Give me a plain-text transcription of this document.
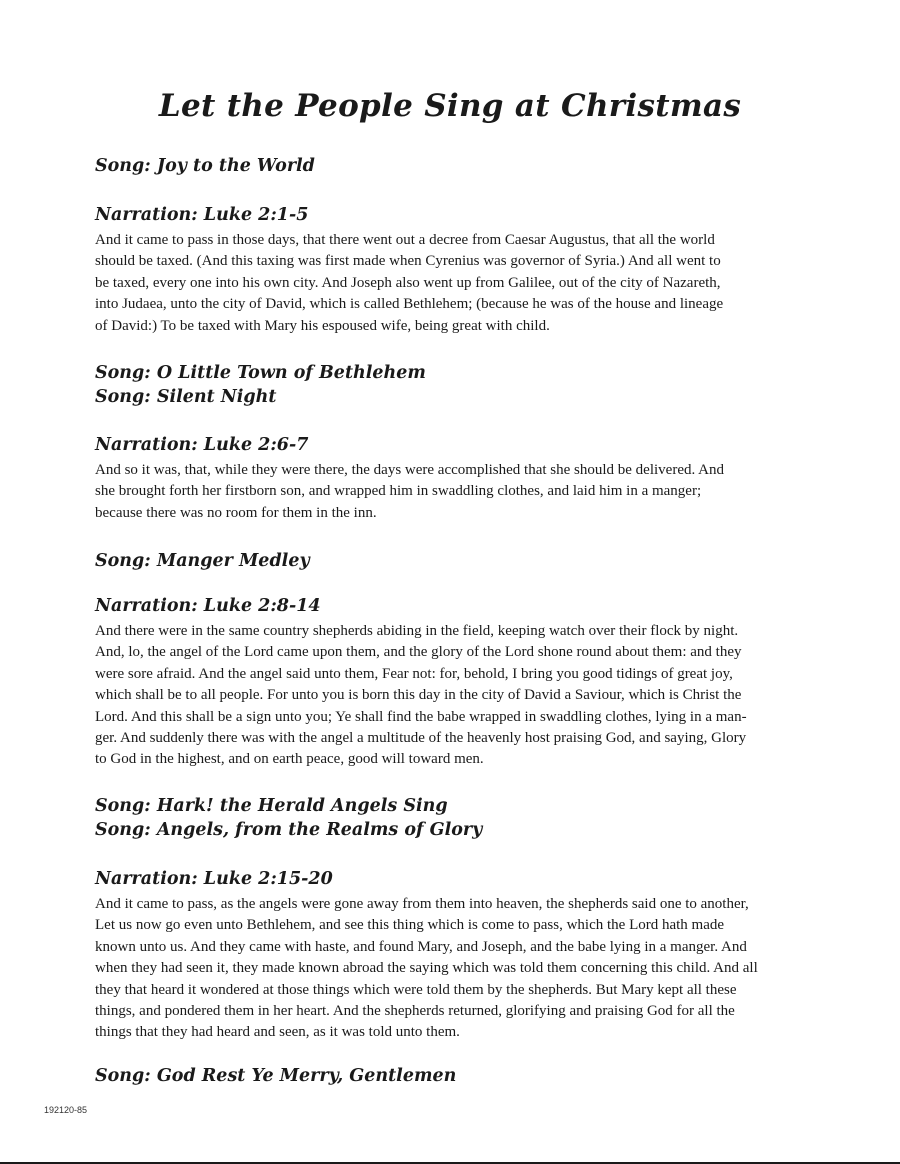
Let the People Sing at Christmas

Song: Joy to the World

Narration: Luke 2:1-5

And it came to pass in those days, that there went out a decree from Caesar Augustus, that all the world
should be taxed. (And this taxing was first made when Cyrenius was governor of Syria.) And all went to
be taxed, every one into his own city. And Joseph also went up from Galilee, out of the city of Nazareth,
into Judaea, unto the city of David, which is called Bethlehem; (because he was of the house and lineage
of David:) To be taxed with Mary his espoused wife, being great with child.

Song: O Little Town of Bethlehem

Song: Silent Night

Narration: Luke 2:6-7

And so it was, that, while they were there, the days were accomplished that she should be delivered. And
she brought forth her firstborn son, and wrapped him in swaddling clothes, and laid him in a manger;
because there was no room for them in the inn.

Song: Manger Medley

Narration: Luke 2:8-14

And there were in the same country shepherds abiding in the field, keeping watch over their flock by night.
And, lo, the angel of the Lord came upon them, and the glory of the Lord shone round about them: and they
were sore afraid. And the angel said unto them, Fear not: for, behold, I bring you good tidings of great joy,
which shall be to all people. For unto you is born this day in the city of David a Saviour, which is Christ the
Lord. And this shall be a sign unto you; Ye shall find the babe wrapped in swaddling clothes, lying in a man-
ger. And suddenly there was with the angel a multitude of the heavenly host praising God, and saying, Glory
to God in the highest, and on earth peace, good will toward men.

Song: Hark! the Herald Angels Sing

Song: Angels, from the Realms of Glory

Narration: Luke 2:15-20

And it came to pass, as the angels were gone away from them into heaven, the shepherds said one to another,
Let us now go even unto Bethlehem, and see this thing which is come to pass, which the Lord hath made
known unto us. And they came with haste, and found Mary, and Joseph, and the babe lying in a manger. And
when they had seen it, they made known abroad the saying which was told them concerning this child. And all
they that heard it wondered at those things which were told them by the shepherds. But Mary kept all these
things, and pondered them in her heart. And the shepherds returned, glorifying and praising God for all the
things that they had heard and seen, as it was told unto them.

Song: God Rest Ye Merry, Gentlemen

192120-85
